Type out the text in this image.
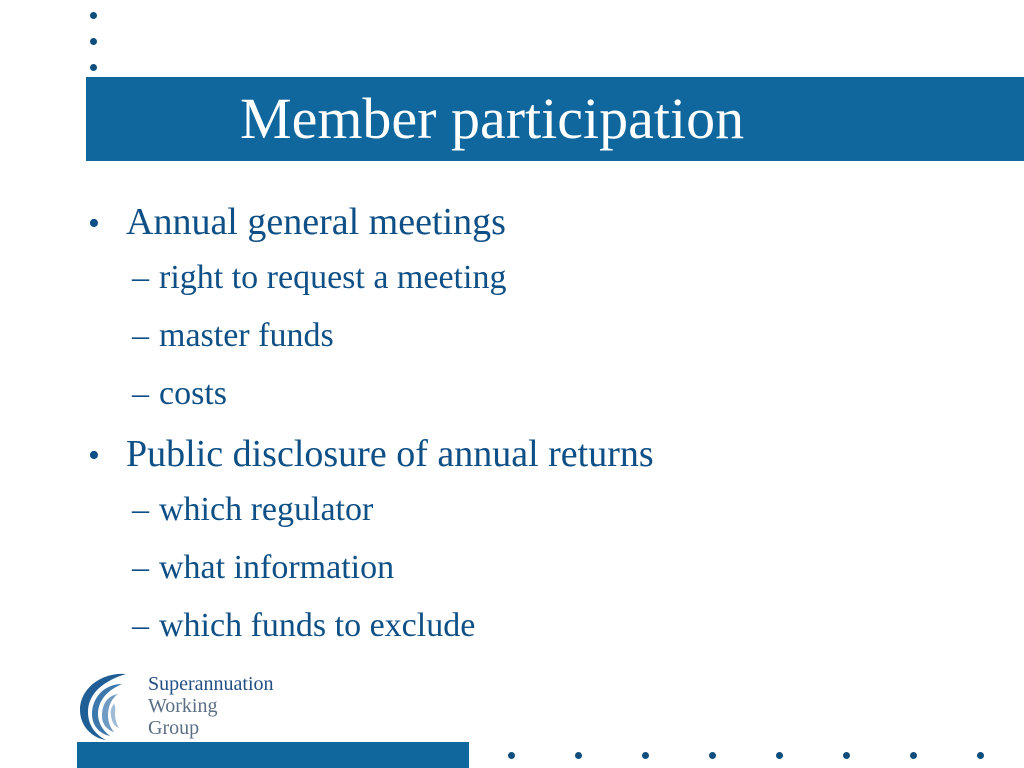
Member participation
• Annual general meetings
– right to request a meeting
– master funds
– costs
• Public disclosure of annual returns
– which regulator
– what information
– which funds to exclude
Superannuation
Working
Group
